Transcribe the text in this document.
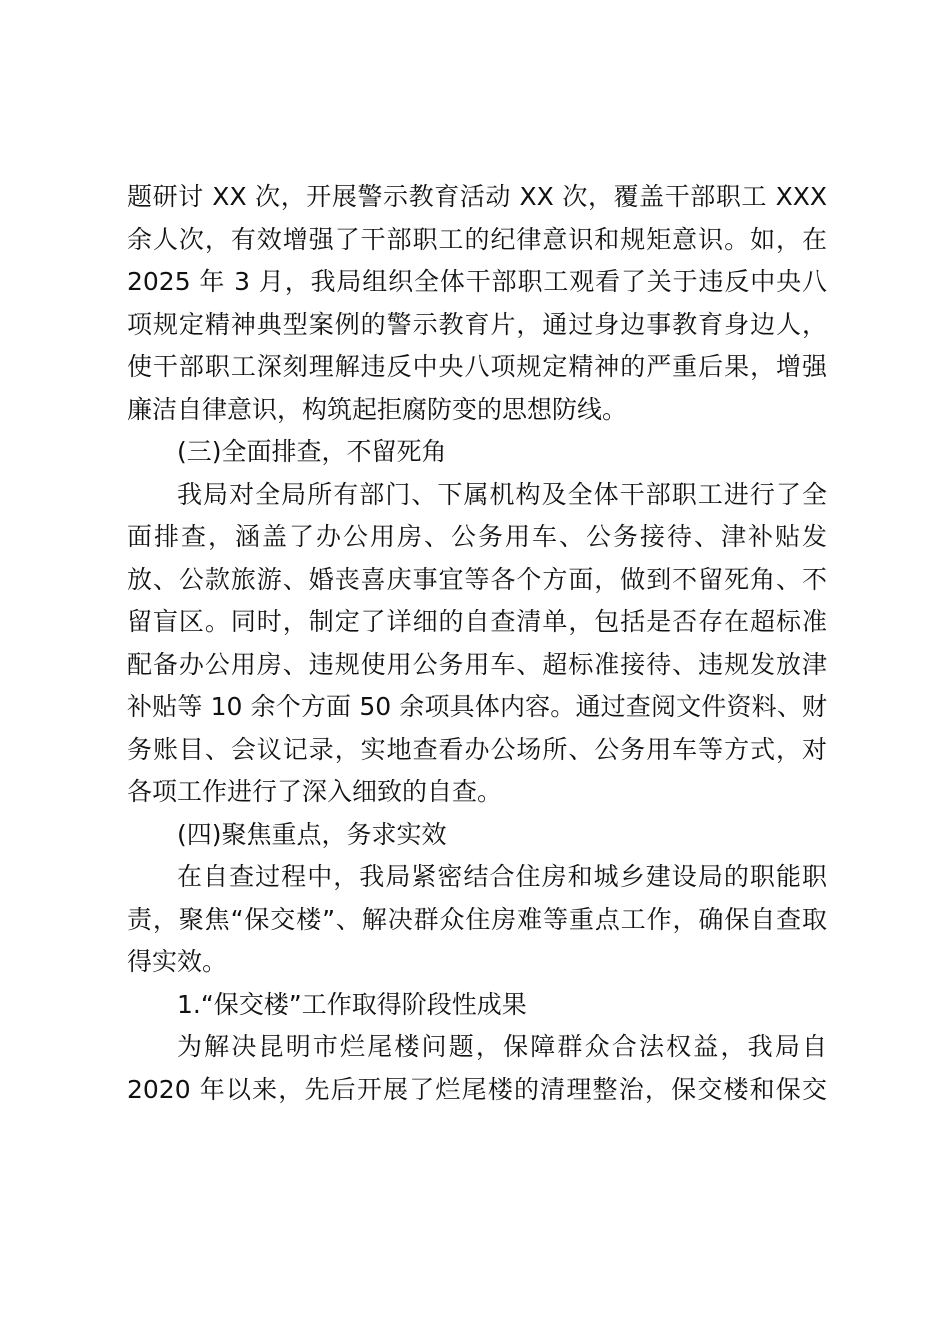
题研讨 XX 次，开展警示教育活动 XX 次，覆盖干部职工 XXX
余人次，有效增强了干部职工的纪律意识和规矩意识。如，在
2025 年 3 月，我局组织全体干部职工观看了关于违反中央八
项规定精神典型案例的警示教育片，通过身边事教育身边人，
使干部职工深刻理解违反中央八项规定精神的严重后果，增强
廉洁自律意识，构筑起拒腐防变的思想防线。
(三)全面排查，不留死角
我局对全局所有部门、下属机构及全体干部职工进行了全
面排查，涵盖了办公用房、公务用车、公务接待、津补贴发
放、公款旅游、婚丧喜庆事宜等各个方面，做到不留死角、不
留盲区。同时，制定了详细的自查清单，包括是否存在超标准
配备办公用房、违规使用公务用车、超标准接待、违规发放津
补贴等 10 余个方面 50 余项具体内容。通过查阅文件资料、财
务账目、会议记录，实地查看办公场所、公务用车等方式，对
各项工作进行了深入细致的自查。
(四)聚焦重点，务求实效
在自查过程中，我局紧密结合住房和城乡建设局的职能职
责，聚焦“保交楼”、解决群众住房难等重点工作，确保自查取
得实效。
1.“保交楼”工作取得阶段性成果
为解决昆明市烂尾楼问题，保障群众合法权益，我局自
2020 年以来，先后开展了烂尾楼的清理整治，保交楼和保交
